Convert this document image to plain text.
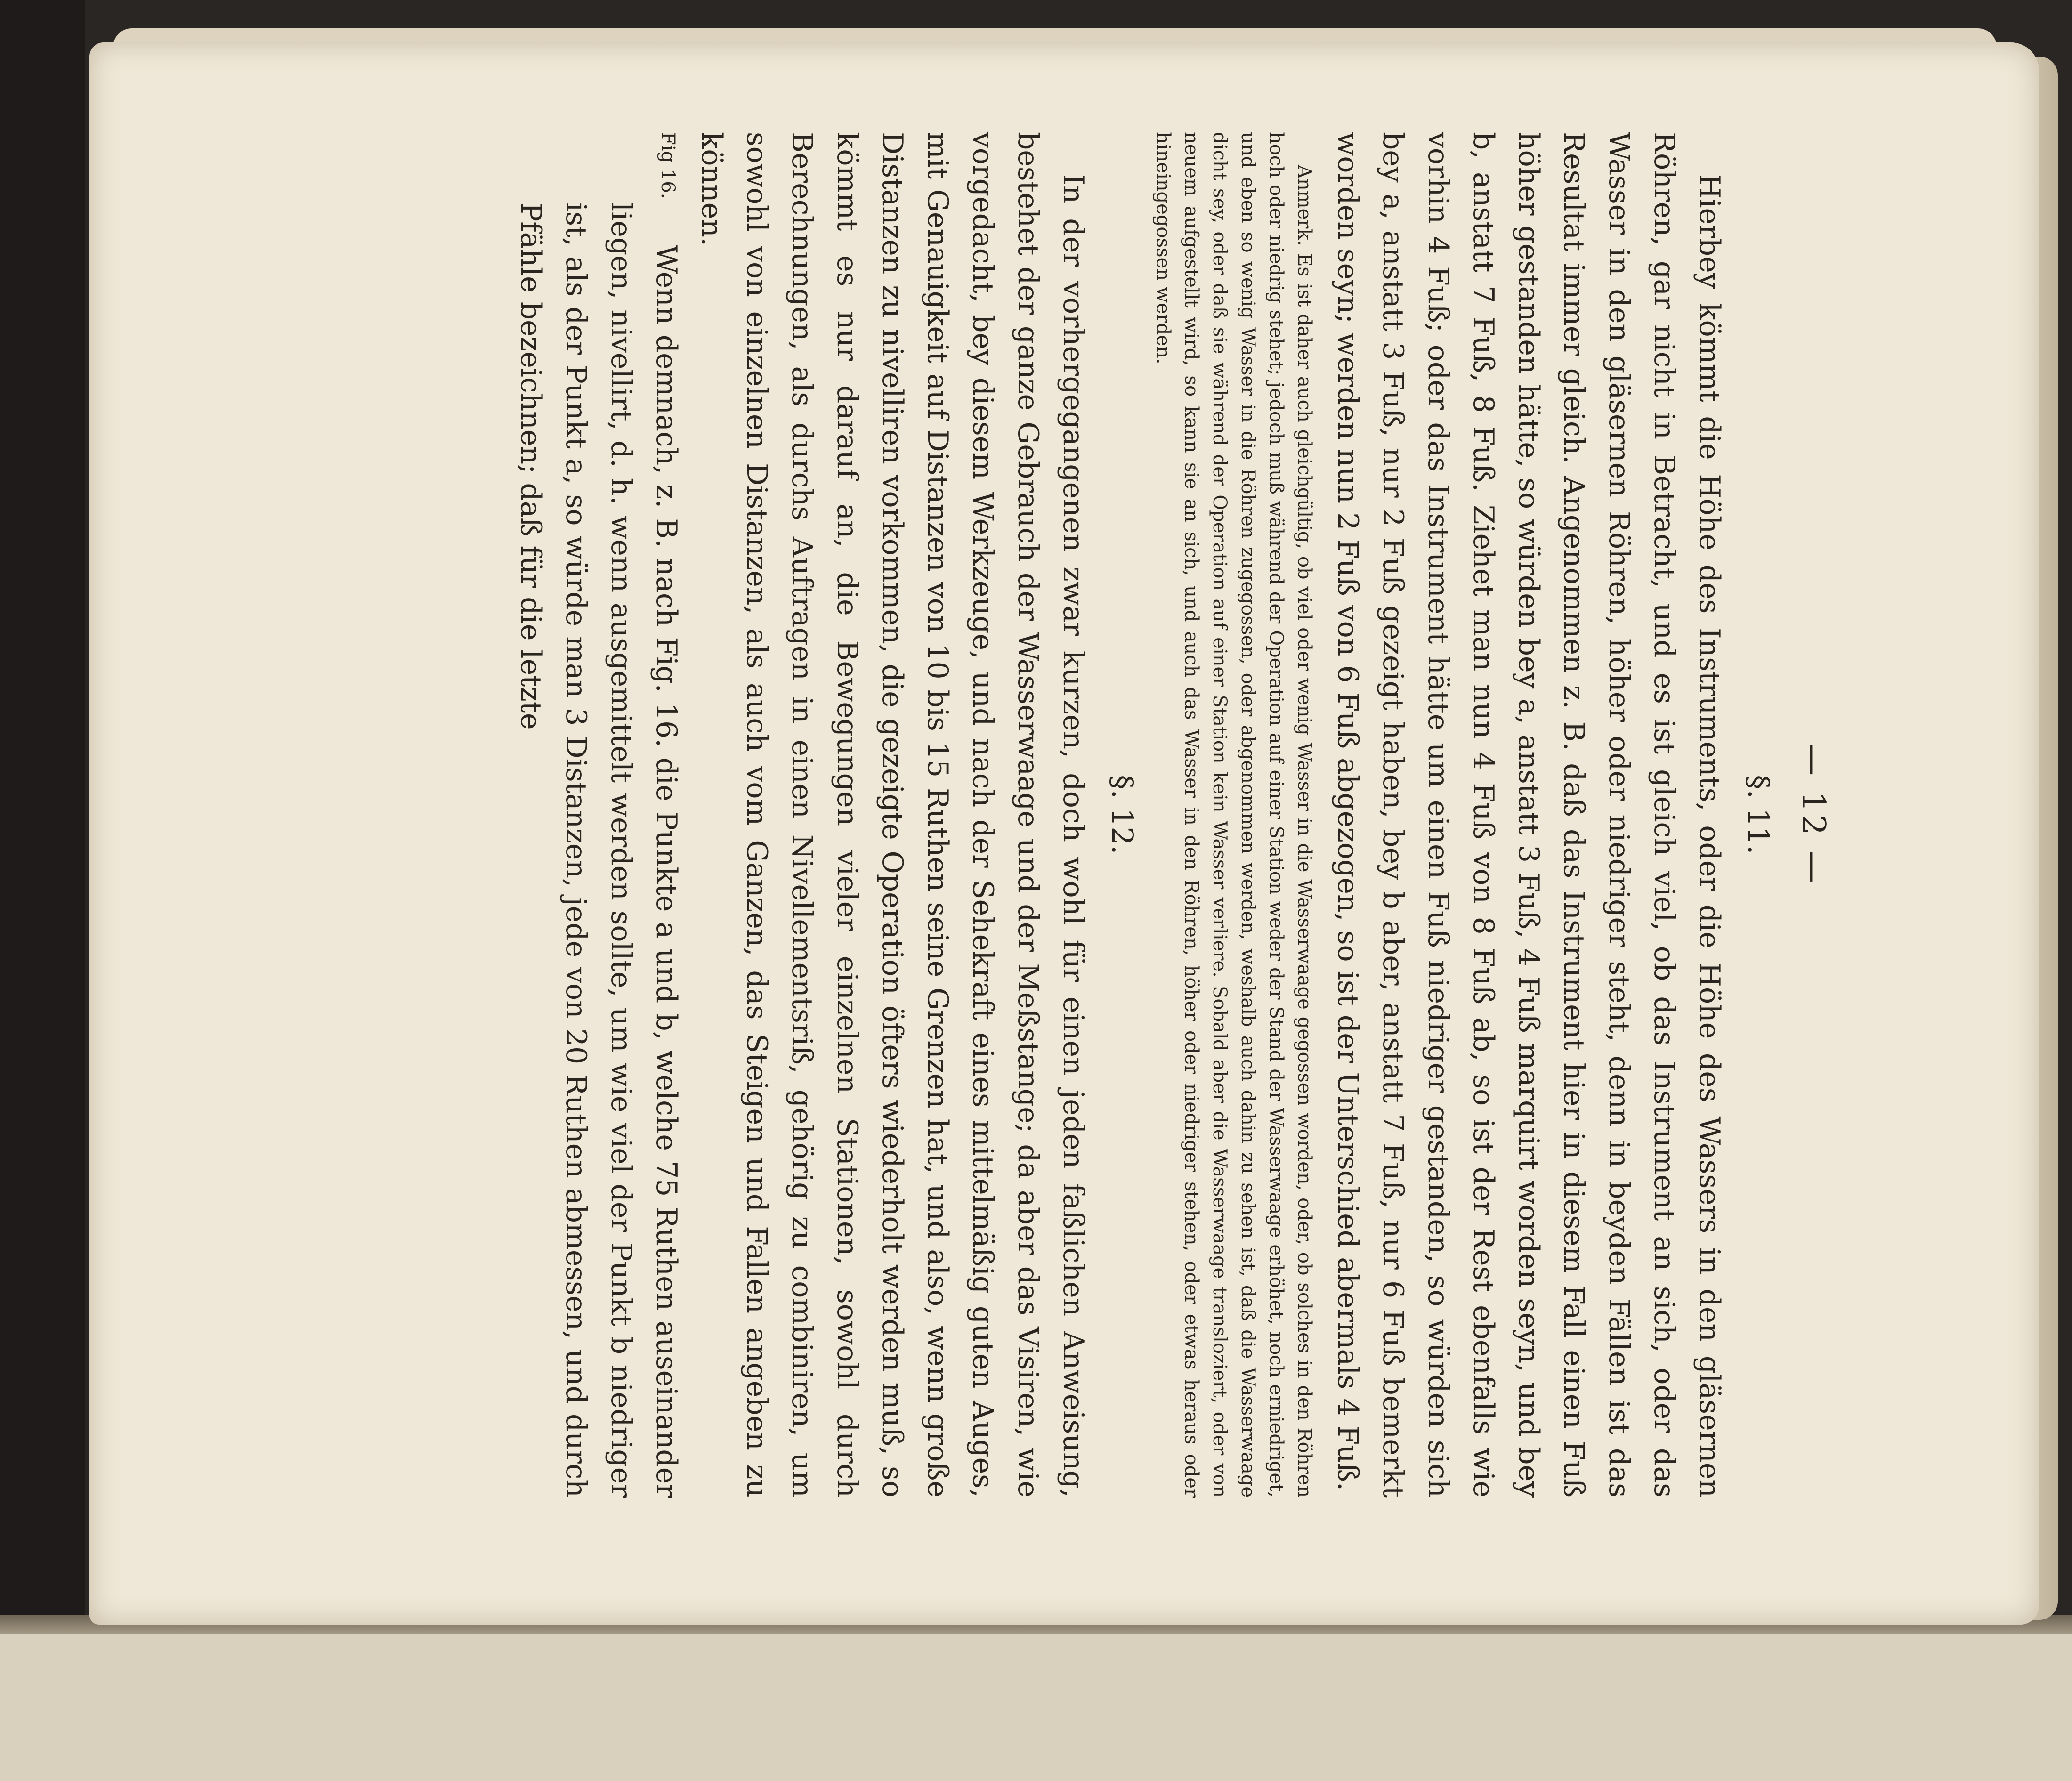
— 12 —
§. 11.

Hierbey kömmt die Höhe des Instruments, oder die Höhe des Wassers in den gläsernen Röhren, gar nicht in Betracht, und es ist gleich viel, ob das Instrument an sich, oder das Wasser in den gläsernen Röhren, höher oder niedriger steht, denn in beyden Fällen ist das Resultat immer gleich. Angenommen z. B. daß das Instrument hier in diesem Fall einen Fuß höher gestanden hätte, so würden bey a, anstatt 3 Fuß, 4 Fuß marquirt worden seyn, und bey b, anstatt 7 Fuß, 8 Fuß. Ziehet man nun 4 Fuß von 8 Fuß ab, so ist der Rest ebenfalls wie vorhin 4 Fuß; oder das Instrument hätte um einen Fuß niedriger gestanden, so würden sich bey a, anstatt 3 Fuß, nur 2 Fuß gezeigt haben, bey b aber, anstatt 7 Fuß, nur 6 Fuß bemerkt worden seyn; werden nun 2 Fuß von 6 Fuß abgezogen, so ist der Unterschied abermals 4 Fuß.

Anmerk. Es ist daher auch gleichgültig, ob viel oder wenig Wasser in die Wasserwaage gegossen worden, oder, ob solches in den Röhren hoch oder niedrig stehet; jedoch muß während der Operation auf einer Station weder der Stand der Wasserwaage erhöhet, noch erniedriget, und eben so wenig Wasser in die Röhren zugegossen, oder abgenommen werden, weshalb auch dahin zu sehen ist, daß die Wasserwaage dicht sey, oder daß sie während der Operation auf einer Station kein Wasser verliere. Sobald aber die Wasserwaage transloziert, oder von neuem aufgestellt wird, so kann sie an sich, und auch das Wasser in den Röhren, höher oder niedriger stehen, oder etwas heraus oder hineingegossen werden.

§. 12.

In der vorhergegangenen zwar kurzen, doch wohl für einen jeden faßlichen Anweisung, bestehet der ganze Gebrauch der Wasserwaage und der Meßstange; da aber das Visiren, wie vorgedacht, bey diesem Werkzeuge, und nach der Sehekraft eines mittelmäßig guten Auges, mit Genauigkeit auf Distanzen von 10 bis 15 Ruthen seine Grenzen hat, und also, wenn große Distanzen zu nivelliren vorkommen, die gezeigte Operation öfters wiederholt werden muß, so kömmt es nur darauf an, die Bewegungen vieler einzelnen Stationen, sowohl durch Berechnungen, als durchs Auftragen in einen Nivellementsriß, gehörig zu combiniren, um sowohl von einzelnen Distanzen, als auch vom Ganzen, das Steigen und Fallen angeben zu können.

Fig 16.

Wenn demnach, z. B. nach Fig. 16. die Punkte a und b, welche 75 Ruthen auseinander liegen, nivellirt, d. h. wenn ausgemittelt werden sollte, um wie viel der Punkt b niedriger ist, als der Punkt a, so würde man 3 Distanzen, jede von 20 Ruthen abmessen, und durch Pfähle bezeichnen; daß für die letzte
